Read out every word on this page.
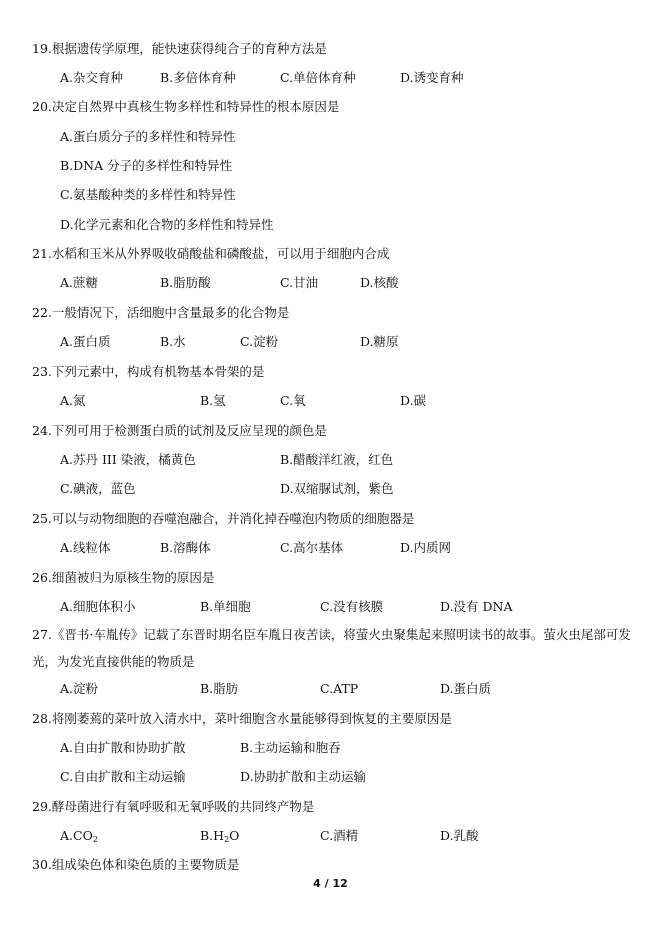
19.根据遗传学原理，能快速获得纯合子的育种方法是
A.杂交育种	B.多倍体育种	C.单倍体育种	D.诱变育种
20.决定自然界中真核生物多样性和特异性的根本原因是
A.蛋白质分子的多样性和特异性
B.DNA 分子的多样性和特异性
C.氨基酸种类的多样性和特异性
D.化学元素和化合物的多样性和特异性
21.水稻和玉米从外界吸收硝酸盐和磷酸盐，可以用于细胞内合成
A.蔗糖	B.脂肪酸	C.甘油	D.核酸
22.一般情况下，活细胞中含量最多的化合物是
A.蛋白质	B.水	C.淀粉	D.糖原
23.下列元素中，构成有机物基本骨架的是
A.氮	B.氢	C.氧	D.碳
24.下列可用于检测蛋白质的试剂及反应呈现的颜色是
A.苏丹 III 染液，橘黄色	B.醋酸洋红液，红色
C.碘液，蓝色	D.双缩脲试剂，紫色
25.可以与动物细胞的吞噬泡融合，并消化掉吞噬泡内物质的细胞器是
A.线粒体	B.溶酶体	C.高尔基体	D.内质网
26.细菌被归为原核生物的原因是
A.细胞体积小	B.单细胞	C.没有核膜	D.没有 DNA
27.《晋书·车胤传》记载了东晋时期名臣车胤日夜苦读，将萤火虫聚集起来照明读书的故事。萤火虫尾部可发光，为发光直接供能的物质是
A.淀粉	B.脂肪	C.ATP	D.蛋白质
28.将刚萎蔫的菜叶放入清水中，菜叶细胞含水量能够得到恢复的主要原因是
A.自由扩散和协助扩散	B.主动运输和胞吞
C.自由扩散和主动运输	D.协助扩散和主动运输
29.酵母菌进行有氧呼吸和无氧呼吸的共同终产物是
$A.CO_2$	$B.H_2O$	C.酒精	D.乳酸
30.组成染色体和染色质的主要物质是
4 / 12
